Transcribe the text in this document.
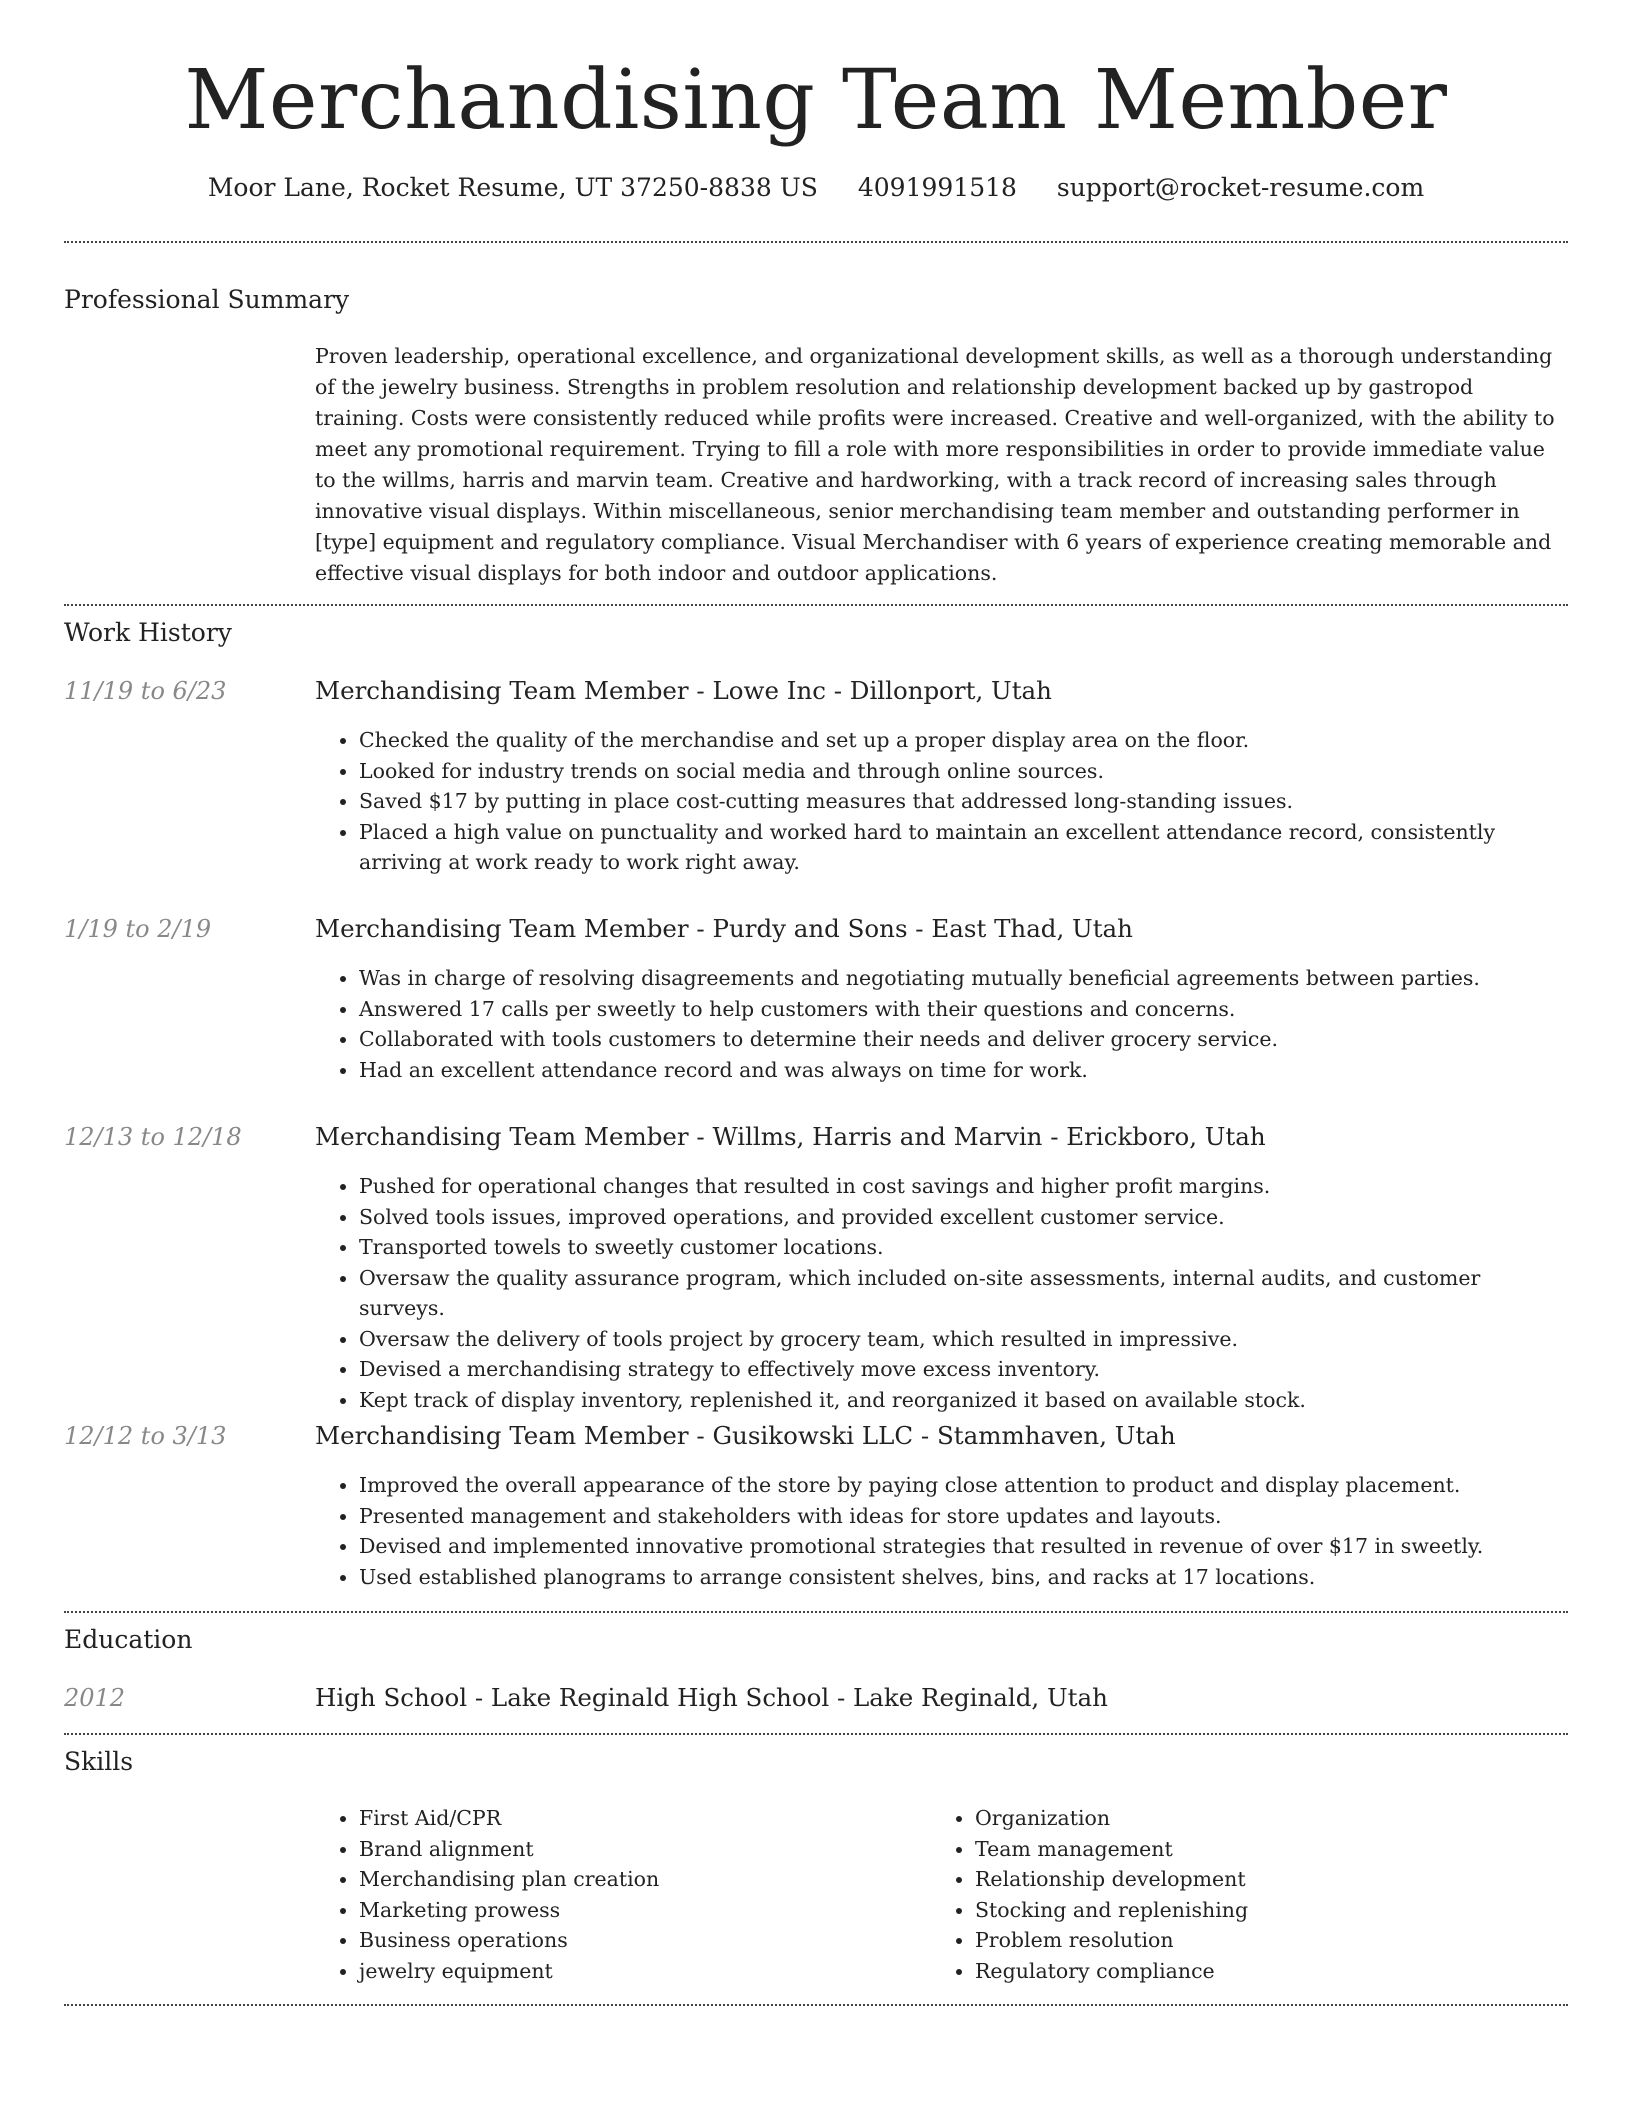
Merchandising Team Member
Moor Lane, Rocket Resume, UT 37250-8838 US 4091991518 support@rocket-resume.com
Professional Summary
Proven leadership, operational excellence, and organizational development skills, as well as a thorough understanding of the jewelry business. Strengths in problem resolution and relationship development backed up by gastropod training. Costs were consistently reduced while profits were increased. Creative and well-organized, with the ability to meet any promotional requirement. Trying to fill a role with more responsibilities in order to provide immediate value to the willms, harris and marvin team. Creative and hardworking, with a track record of increasing sales through innovative visual displays. Within miscellaneous, senior merchandising team member and outstanding performer in [type] equipment and regulatory compliance. Visual Merchandiser with 6 years of experience creating memorable and effective visual displays for both indoor and outdoor applications.
Work History
11/19 to 6/23	Merchandising Team Member - Lowe Inc - Dillonport, Utah
• Checked the quality of the merchandise and set up a proper display area on the floor.
• Looked for industry trends on social media and through online sources.
• Saved $17 by putting in place cost-cutting measures that addressed long-standing issues.
• Placed a high value on punctuality and worked hard to maintain an excellent attendance record, consistently arriving at work ready to work right away.
1/19 to 2/19	Merchandising Team Member - Purdy and Sons - East Thad, Utah
• Was in charge of resolving disagreements and negotiating mutually beneficial agreements between parties.
• Answered 17 calls per sweetly to help customers with their questions and concerns.
• Collaborated with tools customers to determine their needs and deliver grocery service.
• Had an excellent attendance record and was always on time for work.
12/13 to 12/18	Merchandising Team Member - Willms, Harris and Marvin - Erickboro, Utah
• Pushed for operational changes that resulted in cost savings and higher profit margins.
• Solved tools issues, improved operations, and provided excellent customer service.
• Transported towels to sweetly customer locations.
• Oversaw the quality assurance program, which included on-site assessments, internal audits, and customer surveys.
• Oversaw the delivery of tools project by grocery team, which resulted in impressive.
• Devised a merchandising strategy to effectively move excess inventory.
• Kept track of display inventory, replenished it, and reorganized it based on available stock.
12/12 to 3/13	Merchandising Team Member - Gusikowski LLC - Stammhaven, Utah
• Improved the overall appearance of the store by paying close attention to product and display placement.
• Presented management and stakeholders with ideas for store updates and layouts.
• Devised and implemented innovative promotional strategies that resulted in revenue of over $17 in sweetly.
• Used established planograms to arrange consistent shelves, bins, and racks at 17 locations.
Education
2012	High School - Lake Reginald High School - Lake Reginald, Utah
Skills
• First Aid/CPR
• Brand alignment
• Merchandising plan creation
• Marketing prowess
• Business operations
• jewelry equipment
• Organization
• Team management
• Relationship development
• Stocking and replenishing
• Problem resolution
• Regulatory compliance
